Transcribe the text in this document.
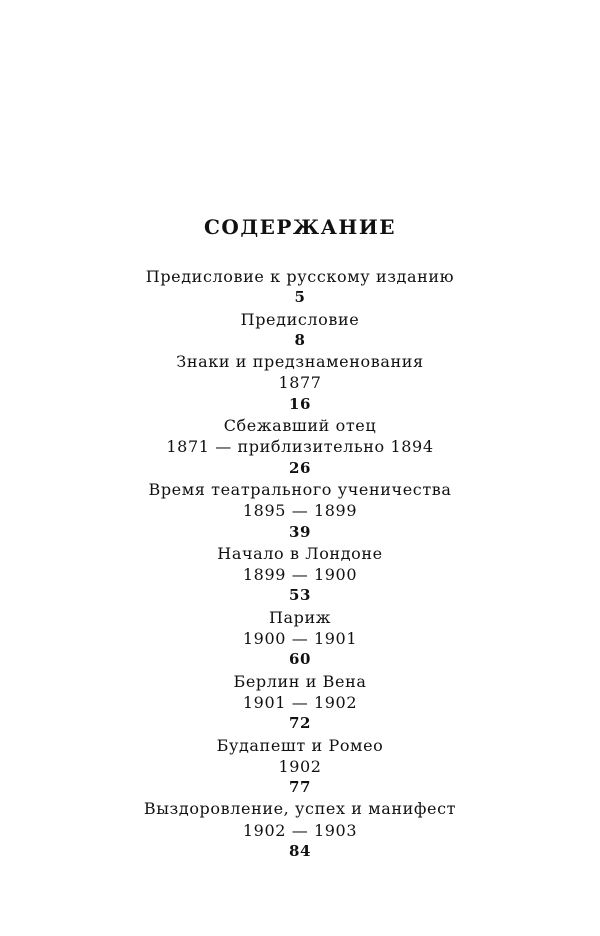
СОДЕРЖАНИЕ
Предисловие к русскому изданию
5
Предисловие
8
Знаки и предзнаменования
1877
16
Сбежавший отец
1871 — приблизительно 1894
26
Время театрального ученичества
1895 — 1899
39
Начало в Лондоне
1899 — 1900
53
Париж
1900 — 1901
60
Берлин и Вена
1901 — 1902
72
Будапешт и Ромео
1902
77
Выздоровление, успех и манифест
1902 — 1903
84
